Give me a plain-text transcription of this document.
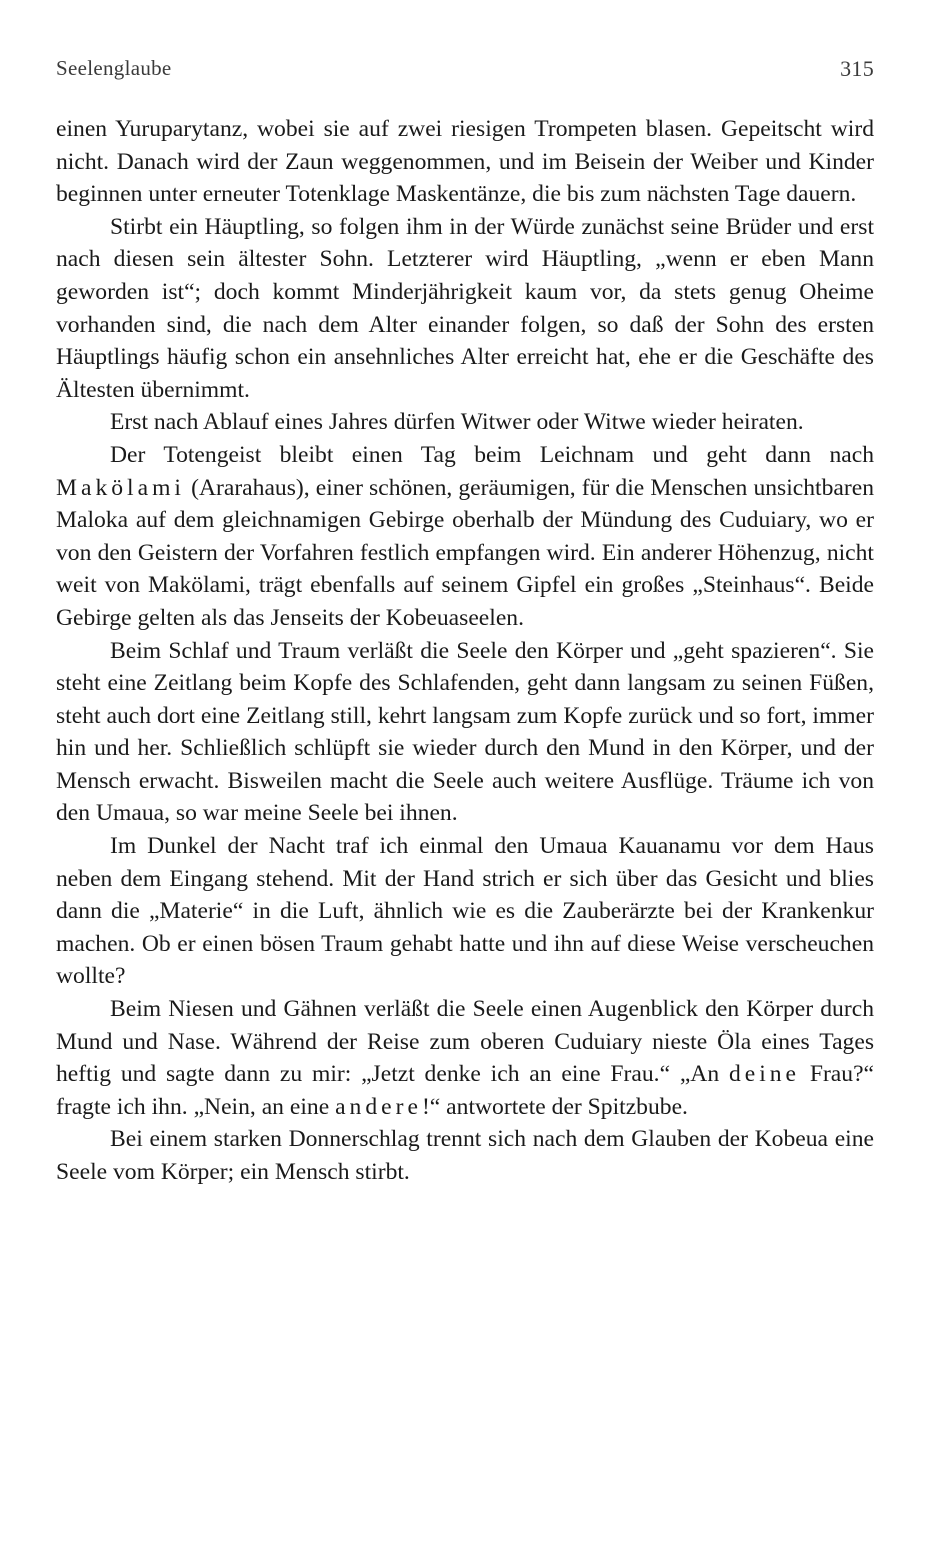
Seelenglaube	315

einen Yuruparytanz, wobei sie auf zwei riesigen Trompeten blasen. Gepeitscht wird nicht. Danach wird der Zaun weggenommen, und im Beisein der Weiber und Kinder beginnen unter erneuter Totenklage Maskentänze, die bis zum nächsten Tage dauern.

Stirbt ein Häuptling, so folgen ihm in der Würde zunächst seine Brüder und erst nach diesen sein ältester Sohn. Letzterer wird Häuptling, „wenn er eben Mann geworden ist“; doch kommt Minderjährigkeit kaum vor, da stets genug Oheime vorhanden sind, die nach dem Alter einander folgen, so daß der Sohn des ersten Häuptlings häufig schon ein ansehnliches Alter erreicht hat, ehe er die Geschäfte des Ältesten übernimmt.

Erst nach Ablauf eines Jahres dürfen Witwer oder Witwe wieder heiraten.

Der Totengeist bleibt einen Tag beim Leichnam und geht dann nach Makölami (Ararahaus), einer schönen, geräumigen, für die Menschen unsichtbaren Maloka auf dem gleichnamigen Gebirge oberhalb der Mündung des Cuduiary, wo er von den Geistern der Vorfahren festlich empfangen wird. Ein anderer Höhenzug, nicht weit von Makölami, trägt ebenfalls auf seinem Gipfel ein großes „Steinhaus“. Beide Gebirge gelten als das Jenseits der Kobeuaseelen.

Beim Schlaf und Traum verläßt die Seele den Körper und „geht spazieren“. Sie steht eine Zeitlang beim Kopfe des Schlafenden, geht dann langsam zu seinen Füßen, steht auch dort eine Zeitlang still, kehrt langsam zum Kopfe zurück und so fort, immer hin und her. Schließlich schlüpft sie wieder durch den Mund in den Körper, und der Mensch erwacht. Bisweilen macht die Seele auch weitere Ausflüge. Träume ich von den Umaua, so war meine Seele bei ihnen.

Im Dunkel der Nacht traf ich einmal den Umaua Kauanamu vor dem Haus neben dem Eingang stehend. Mit der Hand strich er sich über das Gesicht und blies dann die „Materie“ in die Luft, ähnlich wie es die Zauberärzte bei der Krankenkur machen. Ob er einen bösen Traum gehabt hatte und ihn auf diese Weise verscheuchen wollte?

Beim Niesen und Gähnen verläßt die Seele einen Augenblick den Körper durch Mund und Nase. Während der Reise zum oberen Cuduiary nieste Öla eines Tages heftig und sagte dann zu mir: „Jetzt denke ich an eine Frau.“ „An deine Frau?“ fragte ich ihn. „Nein, an eine andere!“ antwortete der Spitzbube.

Bei einem starken Donnerschlag trennt sich nach dem Glauben der Kobeua eine Seele vom Körper; ein Mensch stirbt.
